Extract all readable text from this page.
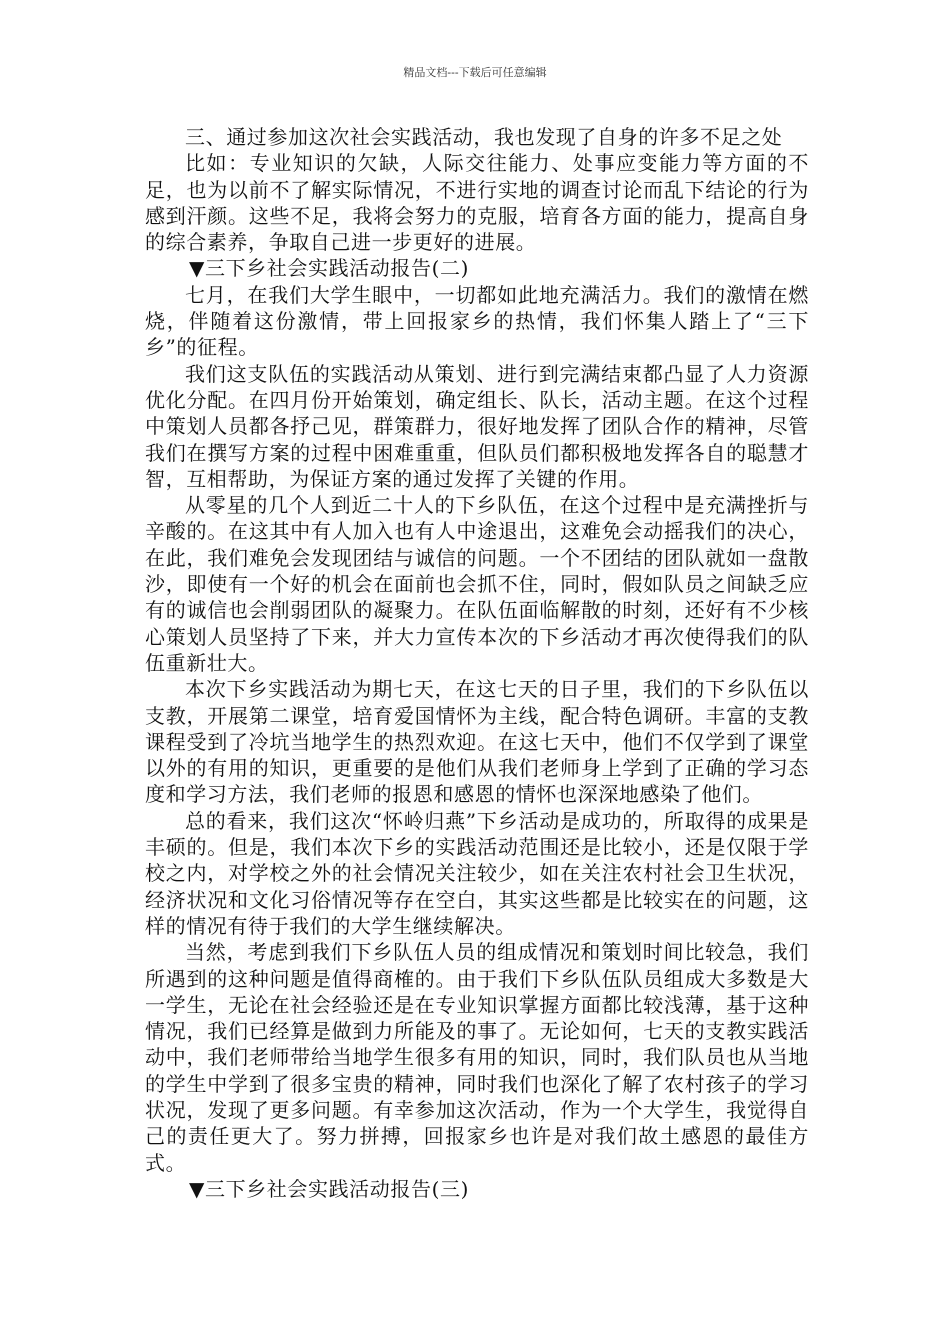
精品文档---下载后可任意编辑

三、通过参加这次社会实践活动，我也发现了自身的许多不足之处

比如：专业知识的欠缺，人际交往能力、处事应变能力等方面的不足，也为以前不了解实际情况，不进行实地的调查讨论而乱下结论的行为感到汗颜。这些不足，我将会努力的克服，培育各方面的能力，提高自身的综合素养，争取自己进一步更好的进展。

▼三下乡社会实践活动报告(二)

七月，在我们大学生眼中，一切都如此地充满活力。我们的激情在燃烧，伴随着这份激情，带上回报家乡的热情，我们怀集人踏上了“三下乡”的征程。

我们这支队伍的实践活动从策划、进行到完满结束都凸显了人力资源优化分配。在四月份开始策划，确定组长、队长，活动主题。在这个过程中策划人员都各抒己见，群策群力，很好地发挥了团队合作的精神，尽管我们在撰写方案的过程中困难重重，但队员们都积极地发挥各自的聪慧才智，互相帮助，为保证方案的通过发挥了关键的作用。

从零星的几个人到近二十人的下乡队伍，在这个过程中是充满挫折与辛酸的。在这其中有人加入也有人中途退出，这难免会动摇我们的决心，在此，我们难免会发现团结与诚信的问题。一个不团结的团队就如一盘散沙，即使有一个好的机会在面前也会抓不住，同时，假如队员之间缺乏应有的诚信也会削弱团队的凝聚力。在队伍面临解散的时刻，还好有不少核心策划人员坚持了下来，并大力宣传本次的下乡活动才再次使得我们的队伍重新壮大。

本次下乡实践活动为期七天，在这七天的日子里，我们的下乡队伍以支教，开展第二课堂，培育爱国情怀为主线，配合特色调研。丰富的支教课程受到了冷坑当地学生的热烈欢迎。在这七天中，他们不仅学到了课堂以外的有用的知识，更重要的是他们从我们老师身上学到了正确的学习态度和学习方法，我们老师的报恩和感恩的情怀也深深地感染了他们。

总的看来，我们这次“怀岭归燕”下乡活动是成功的，所取得的成果是丰硕的。但是，我们本次下乡的实践活动范围还是比较小，还是仅限于学校之内，对学校之外的社会情况关注较少，如在关注农村社会卫生状况，经济状况和文化习俗情况等存在空白，其实这些都是比较实在的问题，这样的情况有待于我们的大学生继续解决。

当然，考虑到我们下乡队伍人员的组成情况和策划时间比较急，我们所遇到的这种问题是值得商榷的。由于我们下乡队伍队员组成大多数是大一学生，无论在社会经验还是在专业知识掌握方面都比较浅薄，基于这种情况，我们已经算是做到力所能及的事了。无论如何，七天的支教实践活动中，我们老师带给当地学生很多有用的知识，同时，我们队员也从当地的学生中学到了很多宝贵的精神，同时我们也深化了解了农村孩子的学习状况，发现了更多问题。有幸参加这次活动，作为一个大学生，我觉得自己的责任更大了。努力拼搏，回报家乡也许是对我们故土感恩的最佳方式。

▼三下乡社会实践活动报告(三)
